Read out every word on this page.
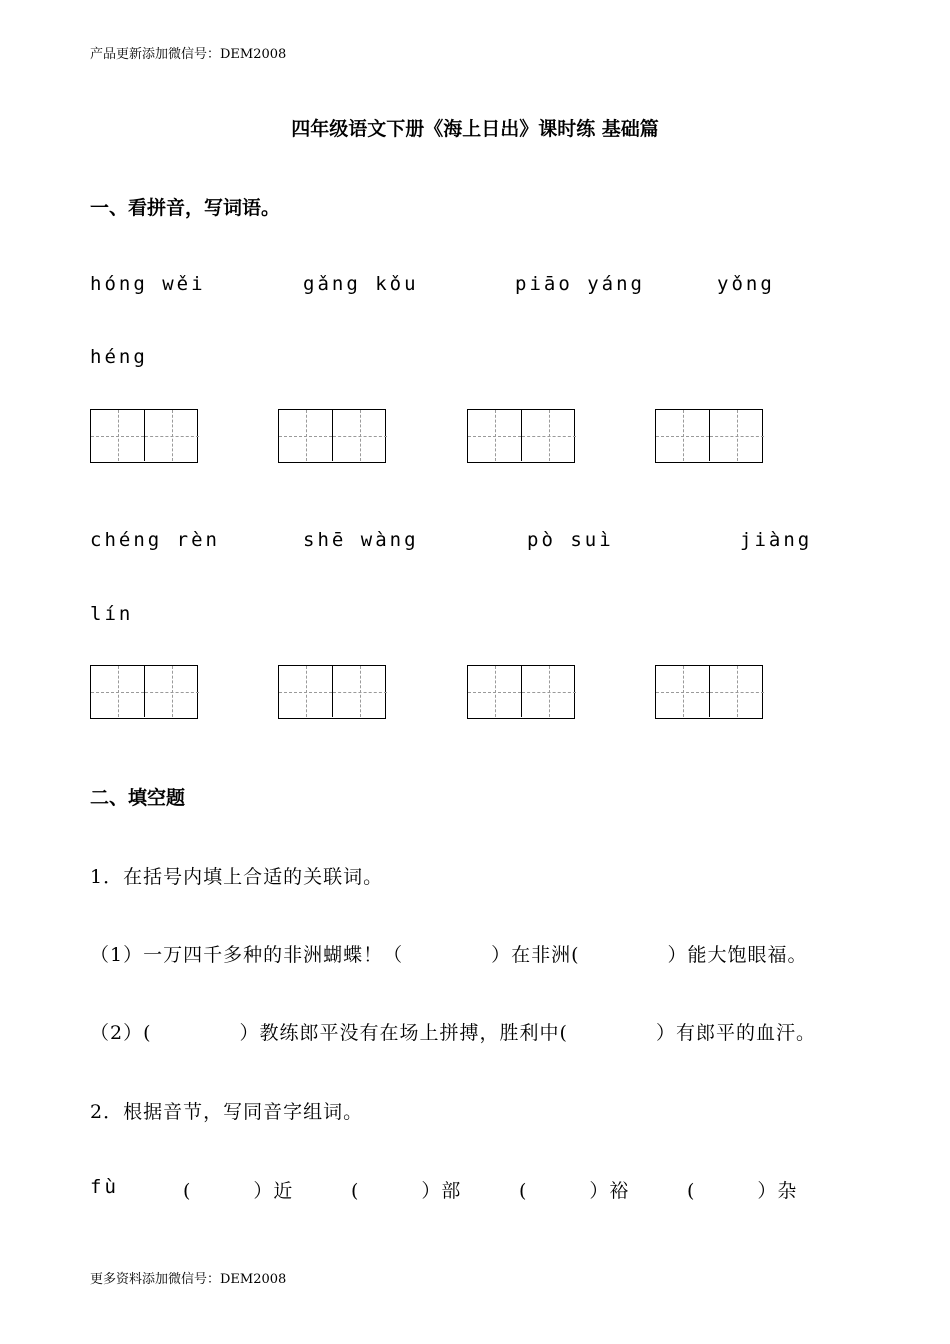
产品更新添加微信号：DEM2008
更多资料添加微信号：DEM2008
四年级语文下册《海上日出》课时练 基础篇
一、看拼音，写词语。
hóng wěi	gǎng kǒu	piāo yáng	yǒng
héng
chéng rèn	shē wàng	pò suì	jiàng
lín
二、填空题
1．在括号内填上合适的关联词。
（1）一万四千多种的非洲蝴蝶！（	）在非洲(	）能大饱眼福。
（2）(	）教练郎平没有在场上拼搏，胜利中(	）有郎平的血汗。
2．根据音节，写同音字组词。
fù	(	）近	(	）部	(	）裕	(	）杂
